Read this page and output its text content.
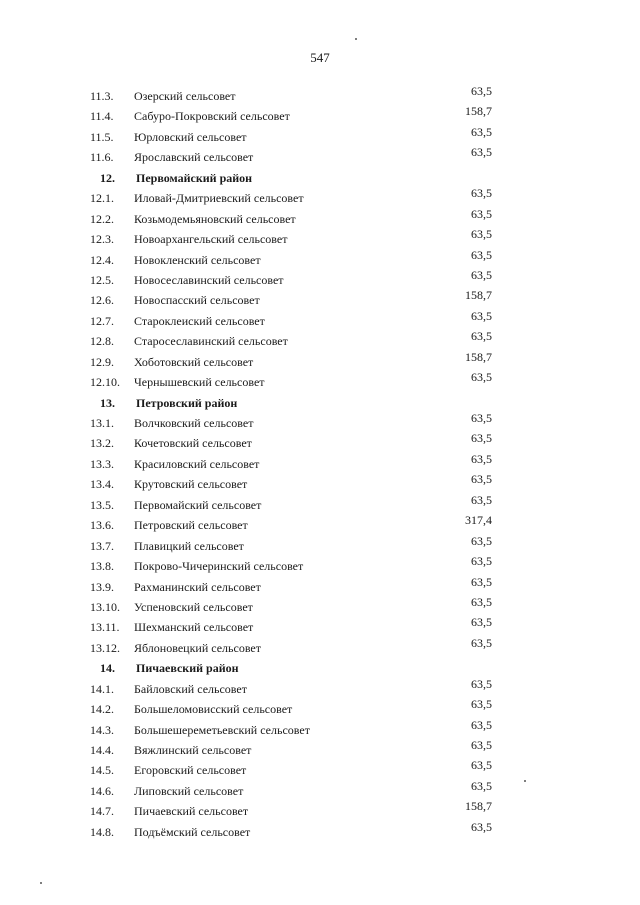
547
11.3. Озерский сельсовет	63,5
11.4. Сабуро-Покровский сельсовет	158,7
11.5. Юрловский сельсовет	63,5
11.6. Ярославский сельсовет	63,5
12. Первомайский район
12.1. Иловай-Дмитриевский сельсовет	63,5
12.2. Козьмодемьяновский сельсовет	63,5
12.3. Новоархангельский сельсовет	63,5
12.4. Новокленский сельсовет	63,5
12.5. Новосеславинский сельсовет	63,5
12.6. Новоспасский сельсовет	158,7
12.7. Староклеиский сельсовет	63,5
12.8. Старосеславинский сельсовет	63,5
12.9. Хоботовский сельсовет	158,7
12.10. Чернышевский сельсовет	63,5
13. Петровский район
13.1. Волчковский сельсовет	63,5
13.2. Кочетовский сельсовет	63,5
13.3. Красиловский сельсовет	63,5
13.4. Крутовский сельсовет	63,5
13.5. Первомайский сельсовет	63,5
13.6. Петровский сельсовет	317,4
13.7. Плавицкий сельсовет	63,5
13.8. Покрово-Чичеринский сельсовет	63,5
13.9. Рахманинский сельсовет	63,5
13.10. Успеновский сельсовет	63,5
13.11. Шехманский сельсовет	63,5
13.12. Яблоновецкий сельсовет	63,5
14. Пичаевский район
14.1. Байловский сельсовет	63,5
14.2. Большеломовисский сельсовет	63,5
14.3. Большешереметьевский сельсовет	63,5
14.4. Вяжлинский сельсовет	63,5
14.5. Егоровский сельсовет	63,5
14.6. Липовский сельсовет	63,5
14.7. Пичаевский сельсовет	158,7
14.8. Подъёмский сельсовет	63,5
